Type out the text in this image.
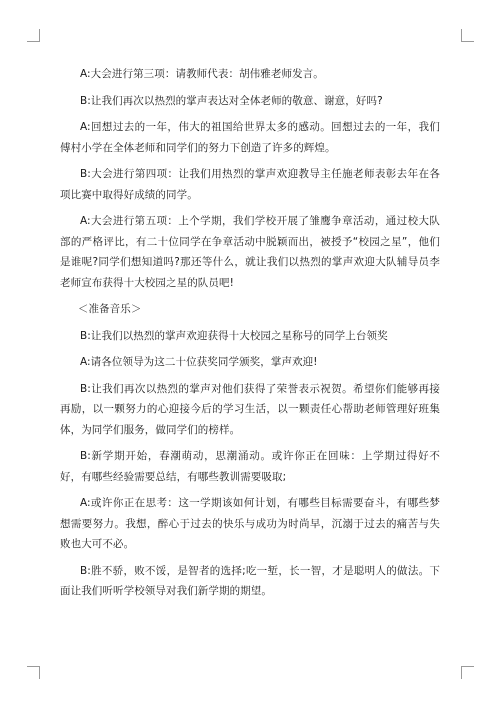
A:大会进行第三项：请教师代表：胡伟雅老师发言。

B:让我们再次以热烈的掌声表达对全体老师的敬意、谢意，好吗?

A:回想过去的一年，伟大的祖国给世界太多的感动。回想过去的一年，我们傅村小学在全体老师和同学们的努力下创造了许多的辉煌。

B:大会进行第四项：让我们用热烈的掌声欢迎教导主任施老师表彰去年在各项比赛中取得好成绩的同学。

A:大会进行第五项：上个学期，我们学校开展了雏鹰争章活动，通过校大队部的严格评比，有二十位同学在争章活动中脱颖而出，被授予“校园之星”，他们是谁呢?同学们想知道吗?那还等什么，就让我们以热烈的掌声欢迎大队辅导员李老师宣布获得十大校园之星的队员吧!

＜准备音乐＞

B:让我们以热烈的掌声欢迎获得十大校园之星称号的同学上台领奖

A:请各位领导为这二十位获奖同学颁奖，掌声欢迎!

B:让我们再次以热烈的掌声对他们获得了荣誉表示祝贺。希望你们能够再接再励，以一颗努力的心迎接今后的学习生活，以一颗责任心帮助老师管理好班集体，为同学们服务，做同学们的榜样。

B:新学期开始，春潮萌动，思潮涌动。或许你正在回味：上学期过得好不好，有哪些经验需要总结，有哪些教训需要吸取;

A:或许你正在思考：这一学期该如何计划，有哪些目标需要奋斗，有哪些梦想需要努力。我想，醉心于过去的快乐与成功为时尚早，沉溺于过去的痛苦与失败也大可不必。

B:胜不骄，败不馁，是智者的选择;吃一堑，长一智，才是聪明人的做法。下面让我们听听学校领导对我们新学期的期望。
